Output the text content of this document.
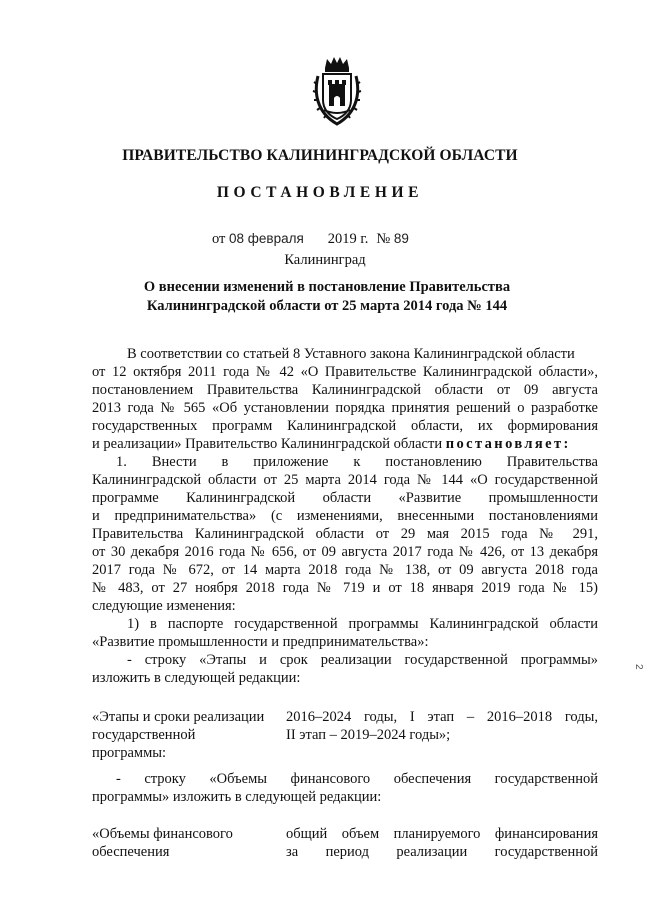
ПРАВИТЕЛЬСТВО КАЛИНИНГРАДСКОЙ ОБЛАСТИ
ПОСТАНОВЛЕНИЕ
от 08 февраля 2019 г. № 89
Калининград
О внесении изменений в постановление Правительства
Калининградской области от 25 марта 2014 года № 144
В соответствии со статьей 8 Уставного закона Калининградской области
от 12 октября 2011 года № 42 «О Правительстве Калининградской области»,
постановлением Правительства Калининградской области от 09 августа
2013 года № 565 «Об установлении порядка принятия решений о разработке
государственных программ Калининградской области, их формирования
и реализации» Правительство Калининградской области постановляет:
1. Внести в приложение к постановлению Правительства
Калининградской области от 25 марта 2014 года № 144 «О государственной
программе Калининградской области «Развитие промышленности
и предпринимательства» (с изменениями, внесенными постановлениями
Правительства Калининградской области от 29 мая 2015 года № 291,
от 30 декабря 2016 года № 656, от 09 августа 2017 года № 426, от 13 декабря
2017 года № 672, от 14 марта 2018 года № 138, от 09 августа 2018 года
№ 483, от 27 ноября 2018 года № 719 и от 18 января 2019 года № 15)
следующие изменения:
1) в паспорте государственной программы Калининградской области
«Развитие промышленности и предпринимательства»:
- строку «Этапы и срок реализации государственной программы»
изложить в следующей редакции:
«Этапы и сроки реализации
государственной
программы:
2016–2024 годы, I этап – 2016–2018 годы,
II этап – 2019–2024 годы»;
- строку «Объемы финансового обеспечения государственной
программы» изложить в следующей редакции:
«Объемы финансового
обеспечения
общий объем планируемого финансирования
за период реализации государственной
2
